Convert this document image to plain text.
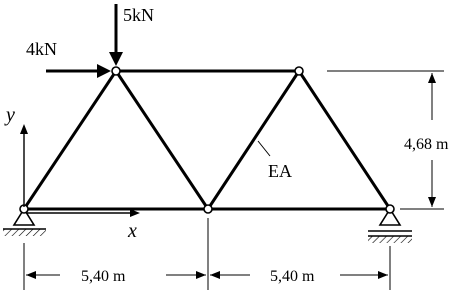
5kN
4kN
y
x
EA
4,68 m
5,40 m	5,40 m
